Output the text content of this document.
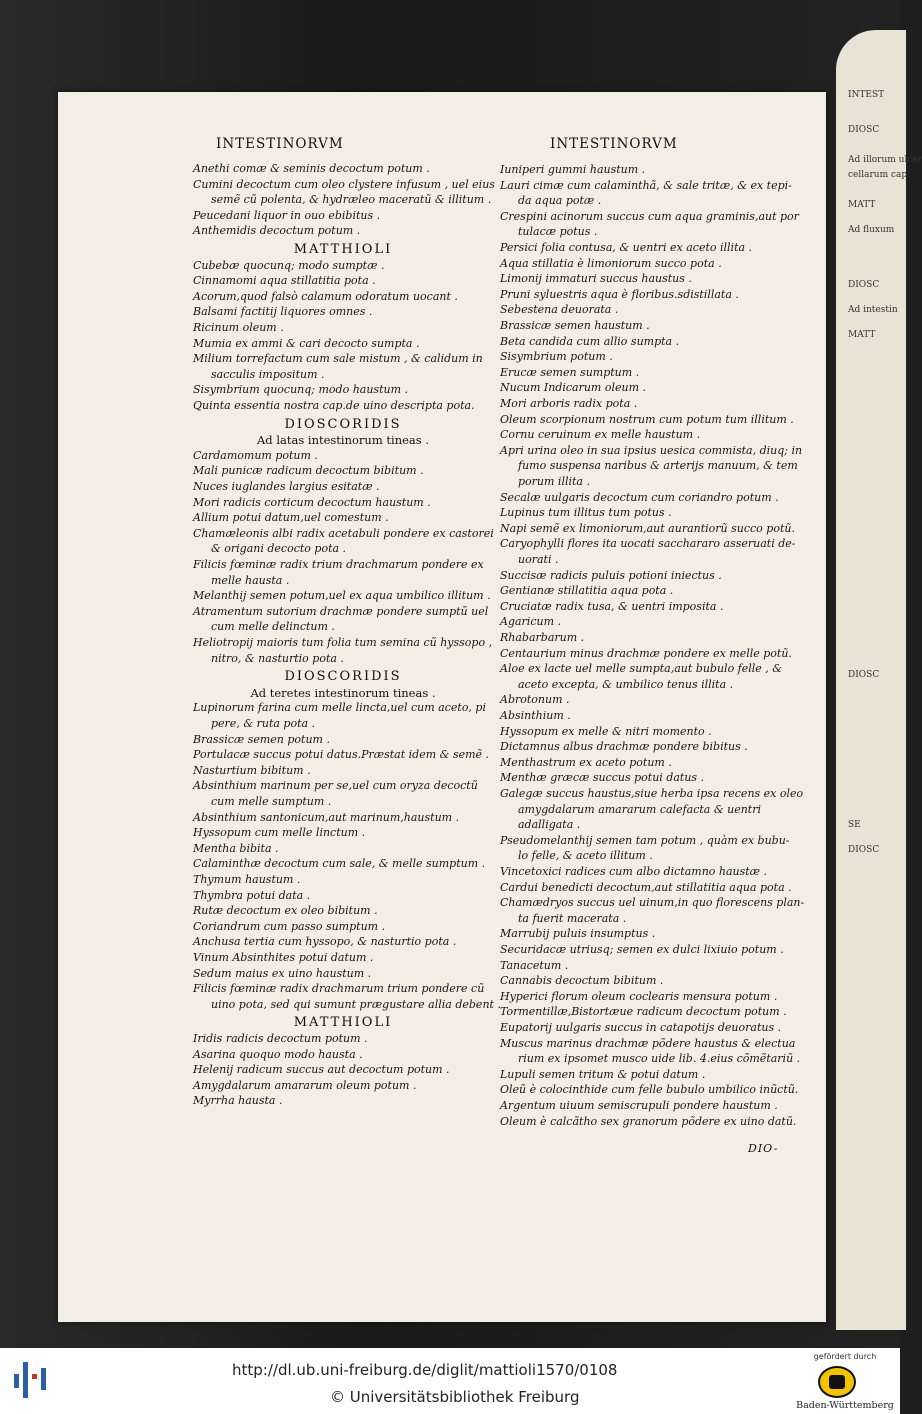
INTEST
DIOSC
Ad illorum ulcer
cellarum cap.
MATT
Ad fluxum
DIOSC
Ad intestin
MATT
DIOSC
SE
DIOSC
INTESTINORVM	INTESTINORVM
Anethi comæ & seminis decoctum potum .
Cumini decoctum cum oleo clystere infusum , uel eius
semẽ cũ polenta, & hydræleo maceratũ & illitum .
Peucedani liquor in ouo ebibitus .
Anthemidis decoctum potum .
MATTHIOLI
Cubebæ quocunq; modo sumptæ .
Cinnamomi aqua stillatitia pota .
Acorum,quod falsò calamum odoratum uocant .
Balsami factitij liquores omnes .
Ricinum oleum .
Mumia ex ammi & cari decocto sumpta .
Milium torrefactum cum sale mistum , & calidum in
sacculis impositum .
Sisymbrium quocunq; modo haustum .
Quinta essentia nostra cap.de uino descripta pota.
DIOSCORIDIS
Ad latas intestinorum tineas .
Cardamomum potum .
Mali punicæ radicum decoctum bibitum .
Nuces iuglandes largius esitatæ .
Mori radicis corticum decoctum haustum .
Allium potui datum,uel comestum .
Chamæleonis albi radix acetabuli pondere ex castorei
& origani decocto pota .
Filicis fœminæ radix trium drachmarum pondere ex
melle hausta .
Melanthij semen potum,uel ex aqua umbilico illitum .
Atramentum sutorium drachmæ pondere sumptũ uel
cum melle delinctum .
Heliotropij maioris tum folia tum semina cũ hyssopo ,
nitro, & nasturtio pota .
DIOSCORIDIS
Ad teretes intestinorum tineas .
Lupinorum farina cum melle lincta,uel cum aceto, pi
pere, & ruta pota .
Brassicæ semen potum .
Portulacæ succus potui datus.Præstat idem & semẽ .
Nasturtium bibitum .
Absinthium marinum per se,uel cum oryza decoctũ
cum melle sumptum .
Absinthium santonicum,aut marinum,haustum .
Hyssopum cum melle linctum .
Mentha bibita .
Calaminthæ decoctum cum sale, & melle sumptum .
Thymum haustum .
Thymbra potui data .
Rutæ decoctum ex oleo bibitum .
Coriandrum cum passo sumptum .
Anchusa tertia cum hyssopo, & nasturtio pota .
Vinum Absinthites potui datum .
Sedum maius ex uino haustum .
Filicis fœminæ radix drachmarum trium pondere cũ
uino pota, sed qui sumunt prægustare allia debent .
MATTHIOLI
Iridis radicis decoctum potum .
Asarina quoquo modo hausta .
Helenij radicum succus aut decoctum potum .
Amygdalarum amararum oleum potum .
Myrrha hausta .
Iuniperi gummi haustum .
Lauri cimæ cum calaminthã, & sale tritæ, & ex tepi-
da aqua potæ .
Crespini acinorum succus cum aqua graminis,aut por
tulacæ potus .
Persici folia contusa, & uentri ex aceto illita .
Aqua stillatia è limoniorum succo pota .
Limonij immaturi succus haustus .
Pruni syluestris aqua è floribus.sdistillata .
Sebestena deuorata .
Brassicæ semen haustum .
Beta candida cum allio sumpta .
Sisymbrium potum .
Erucæ semen sumptum .
Nucum Indicarum oleum .
Mori arboris radix pota .
Oleum scorpionum nostrum cum potum tum illitum .
Cornu ceruinum ex melle haustum .
Apri urina oleo in sua ipsius uesica commista, diuq; in
fumo suspensa naribus & arterijs manuum, & tem
porum illita .
Secalæ uulgaris decoctum cum coriandro potum .
Lupinus tum illitus tum potus .
Napi semẽ ex limoniorum,aut aurantiorũ succo potũ.
Caryophylli flores ita uocati sacchararo asseruati de-
uorati .
Succisæ radicis puluis potioni iniectus .
Gentianæ stillatitia aqua pota .
Cruciatæ radix tusa, & uentri imposita .
Agaricum .
Rhabarbarum .
Centaurium minus drachmæ pondere ex melle potũ.
Aloe ex lacte uel melle sumpta,aut bubulo felle , &
aceto excepta, & umbilico tenus illita .
Abrotonum .
Absinthium .
Hyssopum ex melle & nitri momento .
Dictamnus albus drachmæ pondere bibitus .
Menthastrum ex aceto potum .
Menthæ græcæ succus potui datus .
Galegæ succus haustus,siue herba ipsa recens ex oleo
amygdalarum amararum calefacta & uentri
adalligata .
Pseudomelanthij semen tam potum , quàm ex bubu-
lo felle, & aceto illitum .
Vincetoxici radices cum albo dictamno haustæ .
Cardui benedicti decoctum,aut stillatitia aqua pota .
Chamædryos succus uel uinum,in quo florescens plan-
ta fuerit macerata .
Marrubij puluis insumptus .
Securidacæ utriusq; semen ex dulci lixiuio potum .
Tanacetum .
Cannabis decoctum bibitum .
Hyperici florum oleum coclearis mensura potum .
Tormentillæ,Bistortæue radicum decoctum potum .
Eupatorij uulgaris succus in catapotijs deuoratus .
Muscus marinus drachmæ põdere haustus & electua
rium ex ipsomet musco uide lib. 4.eius cõmẽtariũ .
Lupuli semen tritum & potui datum .
Oleũ è colocinthide cum felle bubulo umbilico inũctũ.
Argentum uiuum semiscrupuli pondere haustum .
Oleum è calcãtho sex granorum põdere ex uino datũ.
DIO-
http://dl.ub.uni-freiburg.de/diglit/mattioli1570/0108
© Universitätsbibliothek Freiburg
gefördert durch
Baden-Württemberg
